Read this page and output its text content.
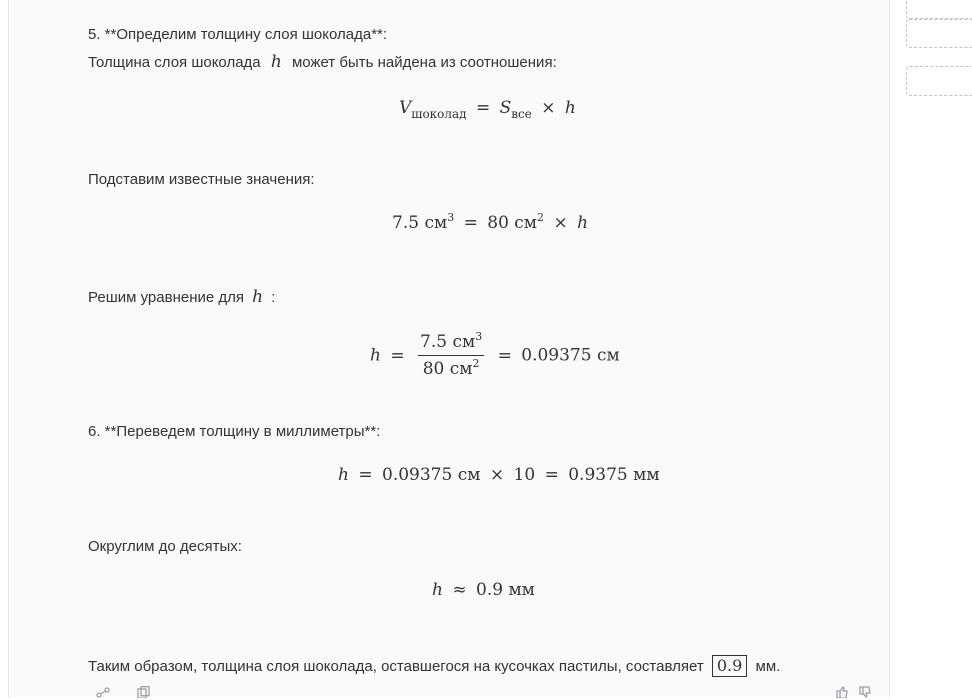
5. **Определим толщину слоя шоколада**:
Толщина слоя шоколада h может быть найдена из соотношения:
$V_{шоколад} = S_{все} \times h$
Подставим известные значения:
7.5 $см^3 = 80$ $см^2 \times h$
Решим уравнение для h :
$h = \frac{7.5 см^3}{80 см^2} = 0.09375$ см
6. **Переведем толщину в миллиметры**:
h = 0.09375 см × 10 = 0.9375 мм
Округлим до десятых:
h ≈ 0.9 мм
Таким образом, толщина слоя шоколада, оставшегося на кусочках пастилы, составляет 0.9 мм.
